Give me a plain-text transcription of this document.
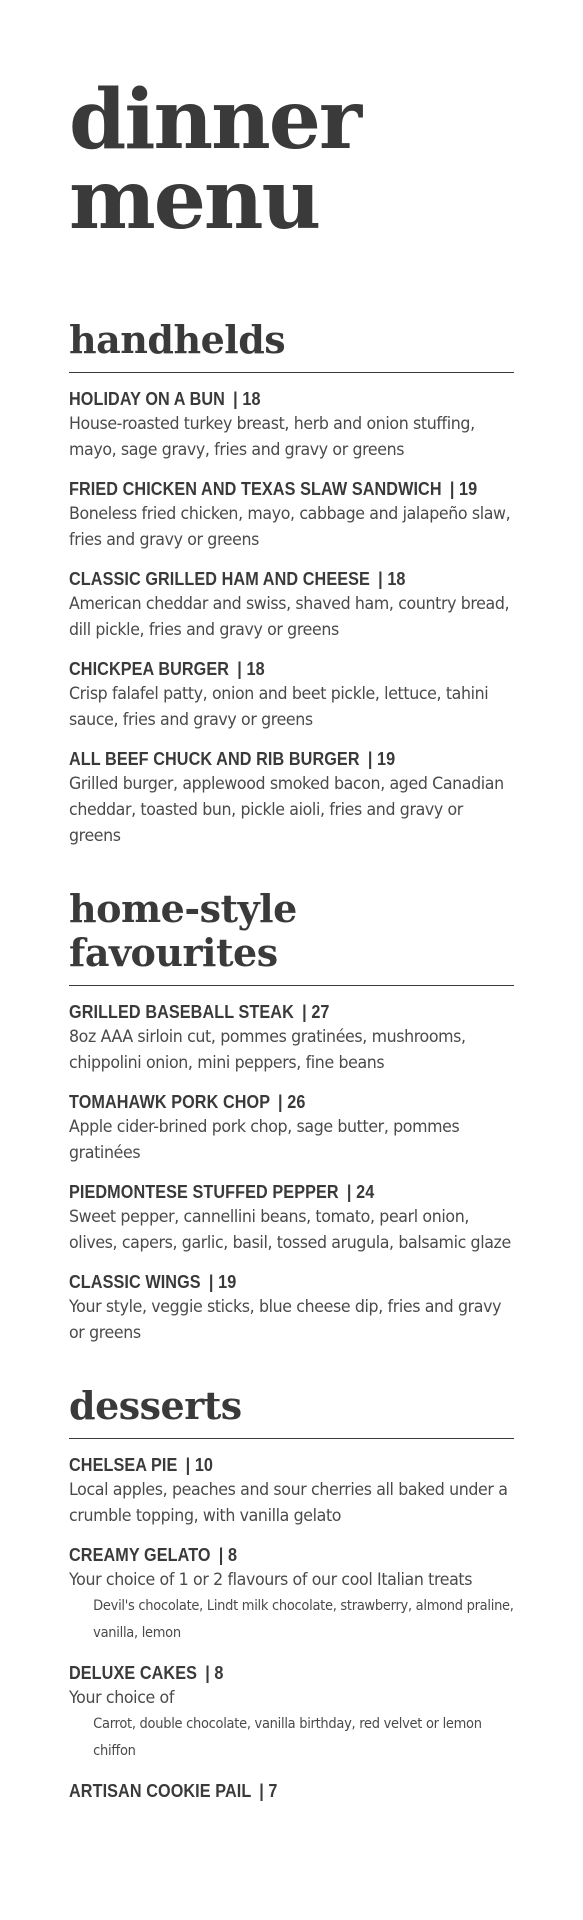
dinner
menu
handhelds
HOLIDAY ON A BUN | 18
House-roasted turkey breast, herb and onion stuffing, mayo, sage gravy, fries and gravy or greens
FRIED CHICKEN AND TEXAS SLAW SANDWICH | 19
Boneless fried chicken, mayo, cabbage and jalapeño slaw, fries and gravy or greens
CLASSIC GRILLED HAM AND CHEESE | 18
American cheddar and swiss, shaved ham, country bread, dill pickle, fries and gravy or greens
CHICKPEA BURGER | 18
Crisp falafel patty, onion and beet pickle, lettuce, tahini sauce, fries and gravy or greens
ALL BEEF CHUCK AND RIB BURGER | 19
Grilled burger, applewood smoked bacon, aged Canadian cheddar, toasted bun, pickle aioli, fries and gravy or greens
home-style favourites
GRILLED BASEBALL STEAK | 27
8oz AAA sirloin cut, pommes gratinées, mushrooms, chippolini onion, mini peppers, fine beans
TOMAHAWK PORK CHOP | 26
Apple cider-brined pork chop, sage butter, pommes gratinées
PIEDMONTESE STUFFED PEPPER | 24
Sweet pepper, cannellini beans, tomato, pearl onion, olives, capers, garlic, basil, tossed arugula, balsamic glaze
CLASSIC WINGS | 19
Your style, veggie sticks, blue cheese dip, fries and gravy or greens
desserts
CHELSEA PIE | 10
Local apples, peaches and sour cherries all baked under a crumble topping, with vanilla gelato
CREAMY GELATO | 8
Your choice of 1 or 2 flavours of our cool Italian treats
Devil's chocolate, Lindt milk chocolate, strawberry, almond praline, vanilla, lemon
DELUXE CAKES | 8
Your choice of
Carrot, double chocolate, vanilla birthday, red velvet or lemon chiffon
ARTISAN COOKIE PAIL | 7
